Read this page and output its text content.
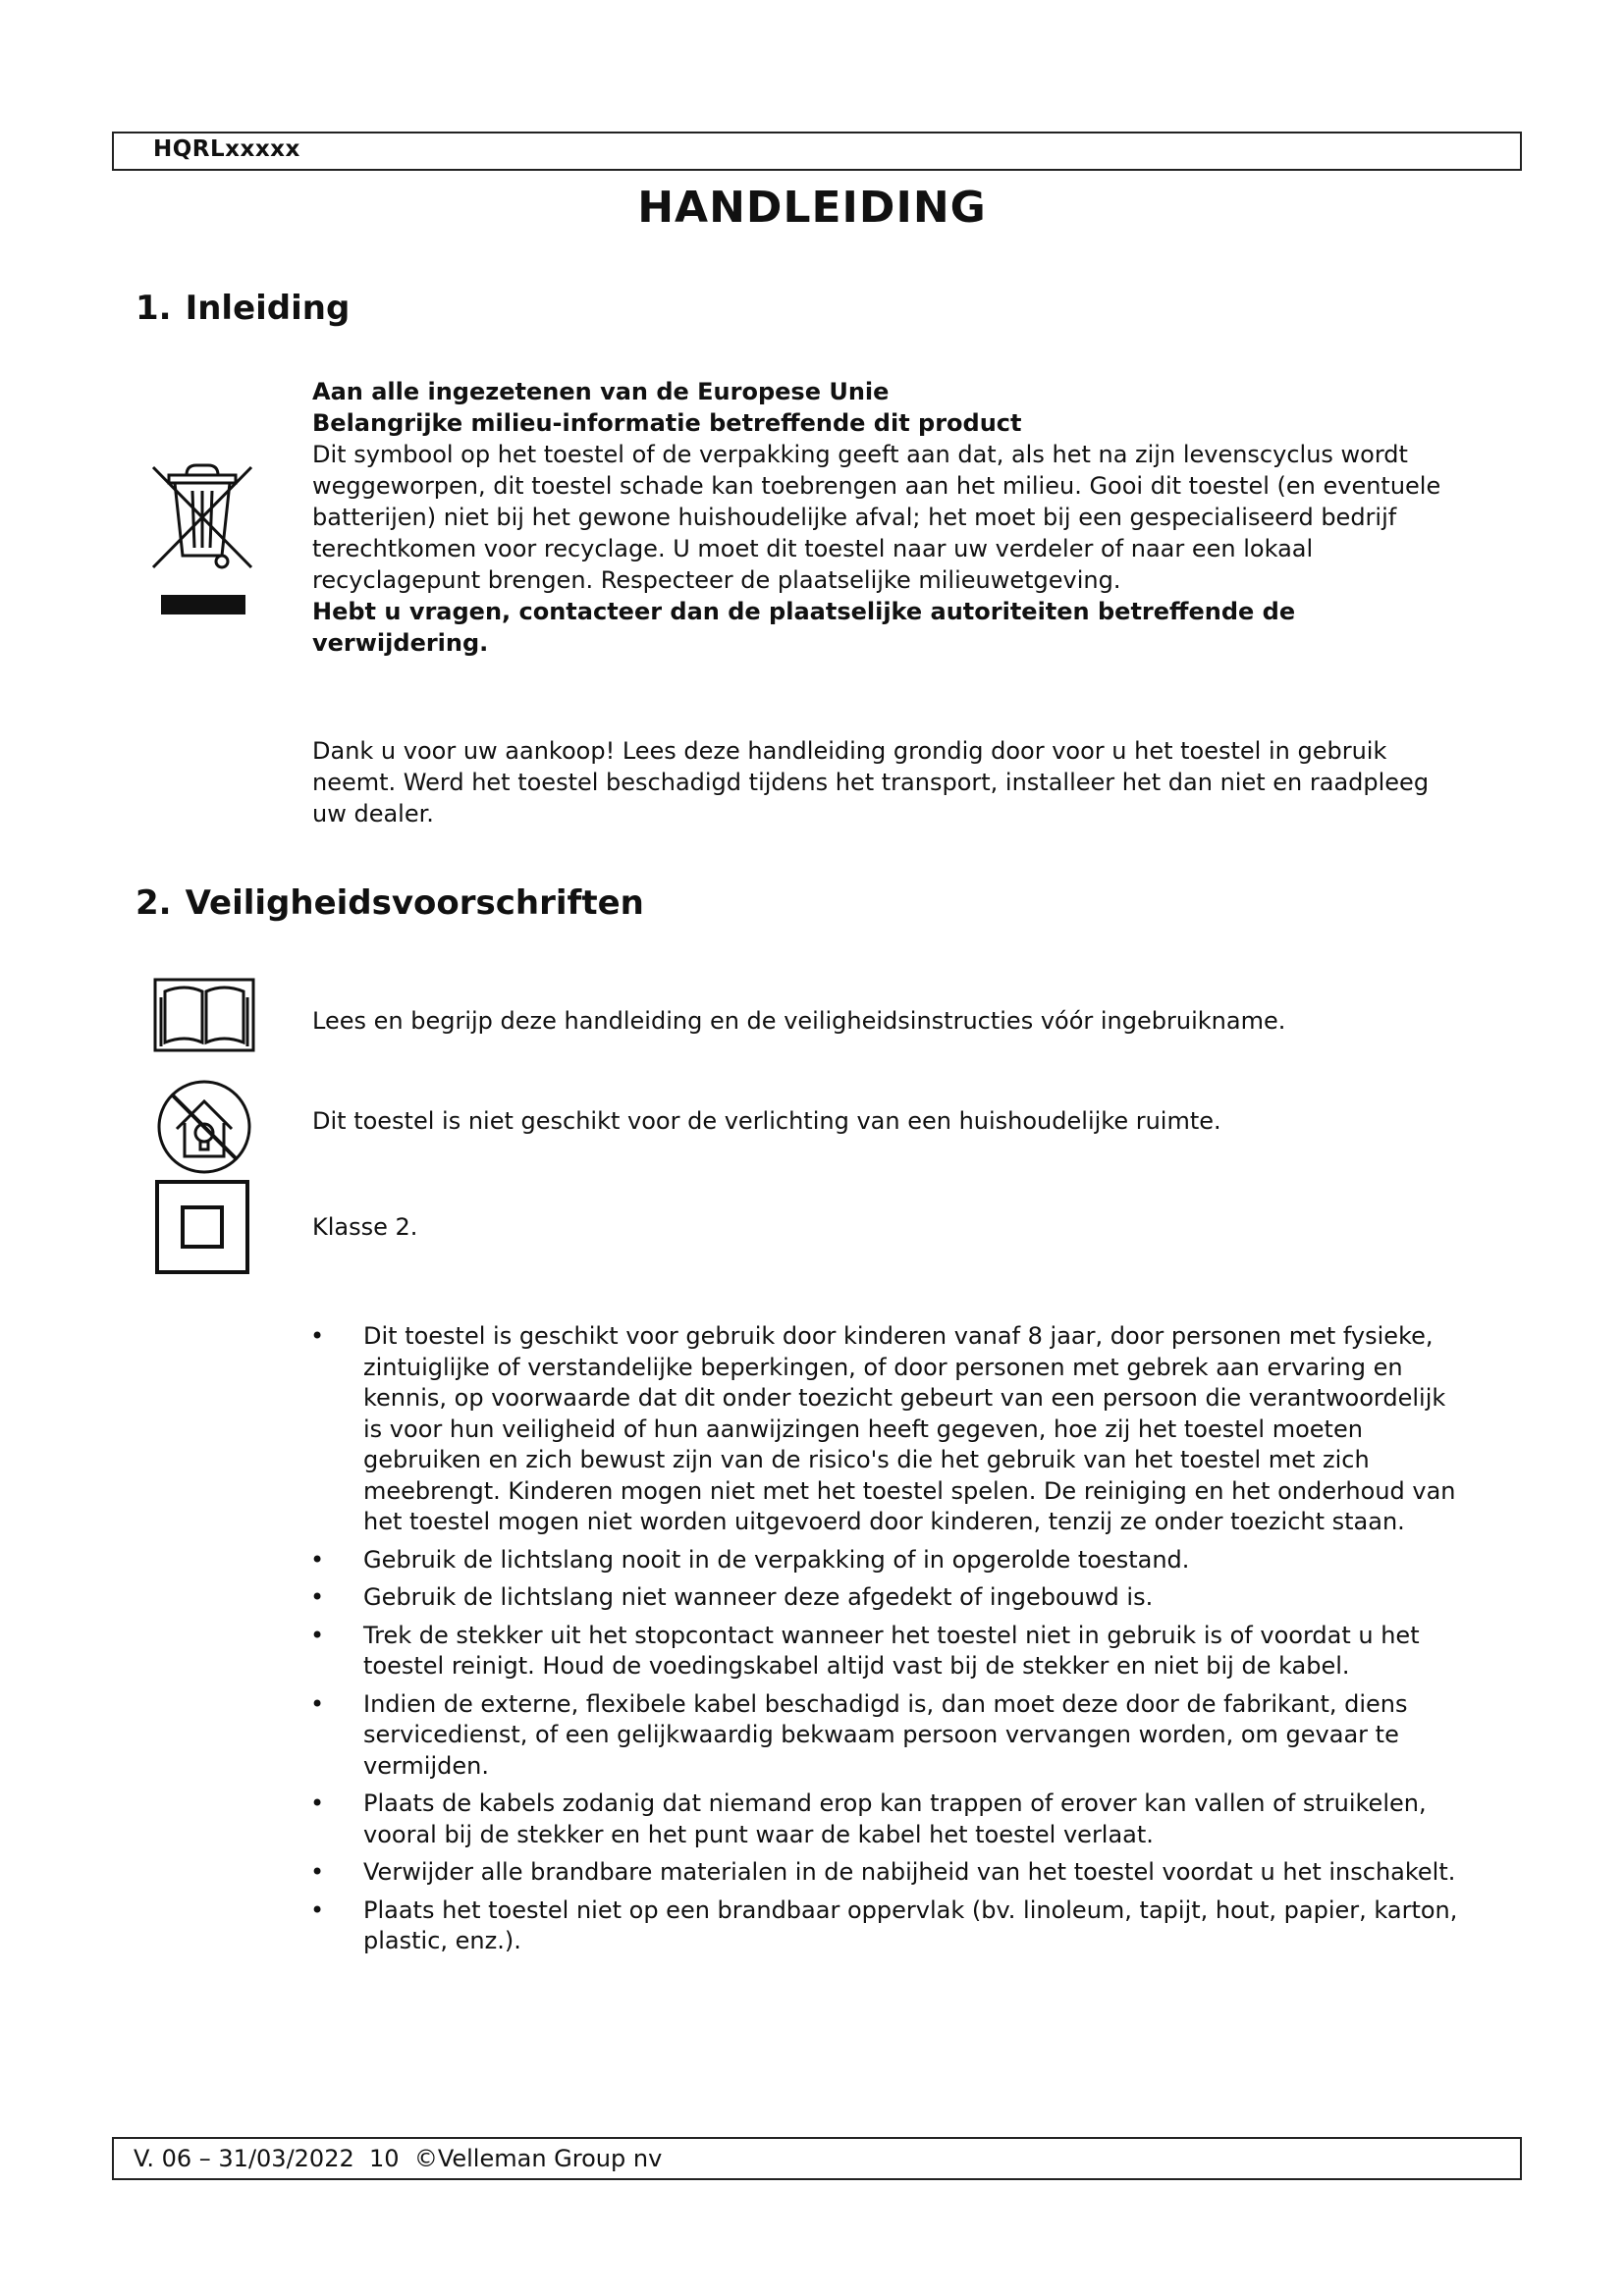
HQRLxxxxx
HANDLEIDING
1. Inleiding

Aan alle ingezetenen van de Europese Unie

Belangrijke milieu-informatie betreffende dit product

Dit symbool op het toestel of de verpakking geeft aan dat, als het na zijn levenscyclus wordt weggeworpen, dit toestel schade kan toebrengen aan het milieu. Gooi dit toestel (en eventuele batterijen) niet bij het gewone huishoudelijke afval; het moet bij een gespecialiseerd bedrijf terechtkomen voor recyclage. U moet dit toestel naar uw verdeler of naar een lokaal recyclagepunt brengen. Respecteer de plaatselijke milieuwetgeving.

Hebt u vragen, contacteer dan de plaatselijke autoriteiten betreffende de verwijdering.

Dank u voor uw aankoop! Lees deze handleiding grondig door voor u het toestel in gebruik neemt. Werd het toestel beschadigd tijdens het transport, installeer het dan niet en raadpleeg uw dealer.

2. Veiligheidsvoorschriften

Lees en begrijp deze handleiding en de veiligheidsinstructies vóór ingebruikname.

Dit toestel is niet geschikt voor de verlichting van een huishoudelijke ruimte.

Klasse 2.

• Dit toestel is geschikt voor gebruik door kinderen vanaf 8 jaar, door personen met fysieke, zintuiglijke of verstandelijke beperkingen, of door personen met gebrek aan ervaring en kennis, op voorwaarde dat dit onder toezicht gebeurt van een persoon die verantwoordelijk is voor hun veiligheid of hun aanwijzingen heeft gegeven, hoe zij het toestel moeten gebruiken en zich bewust zijn van de risico's die het gebruik van het toestel met zich meebrengt. Kinderen mogen niet met het toestel spelen. De reiniging en het onderhoud van het toestel mogen niet worden uitgevoerd door kinderen, tenzij ze onder toezicht staan.
• Gebruik de lichtslang nooit in de verpakking of in opgerolde toestand.
• Gebruik de lichtslang niet wanneer deze afgedekt of ingebouwd is.
• Trek de stekker uit het stopcontact wanneer het toestel niet in gebruik is of voordat u het toestel reinigt. Houd de voedingskabel altijd vast bij de stekker en niet bij de kabel.
• Indien de externe, flexibele kabel beschadigd is, dan moet deze door de fabrikant, diens servicedienst, of een gelijkwaardig bekwaam persoon vervangen worden, om gevaar te vermijden.
• Plaats de kabels zodanig dat niemand erop kan trappen of erover kan vallen of struikelen, vooral bij de stekker en het punt waar de kabel het toestel verlaat.
• Verwijder alle brandbare materialen in de nabijheid van het toestel voordat u het inschakelt.
• Plaats het toestel niet op een brandbaar oppervlak (bv. linoleum, tapijt, hout, papier, karton, plastic, enz.).
V. 06 – 31/03/2022 10 ©Velleman Group nv
